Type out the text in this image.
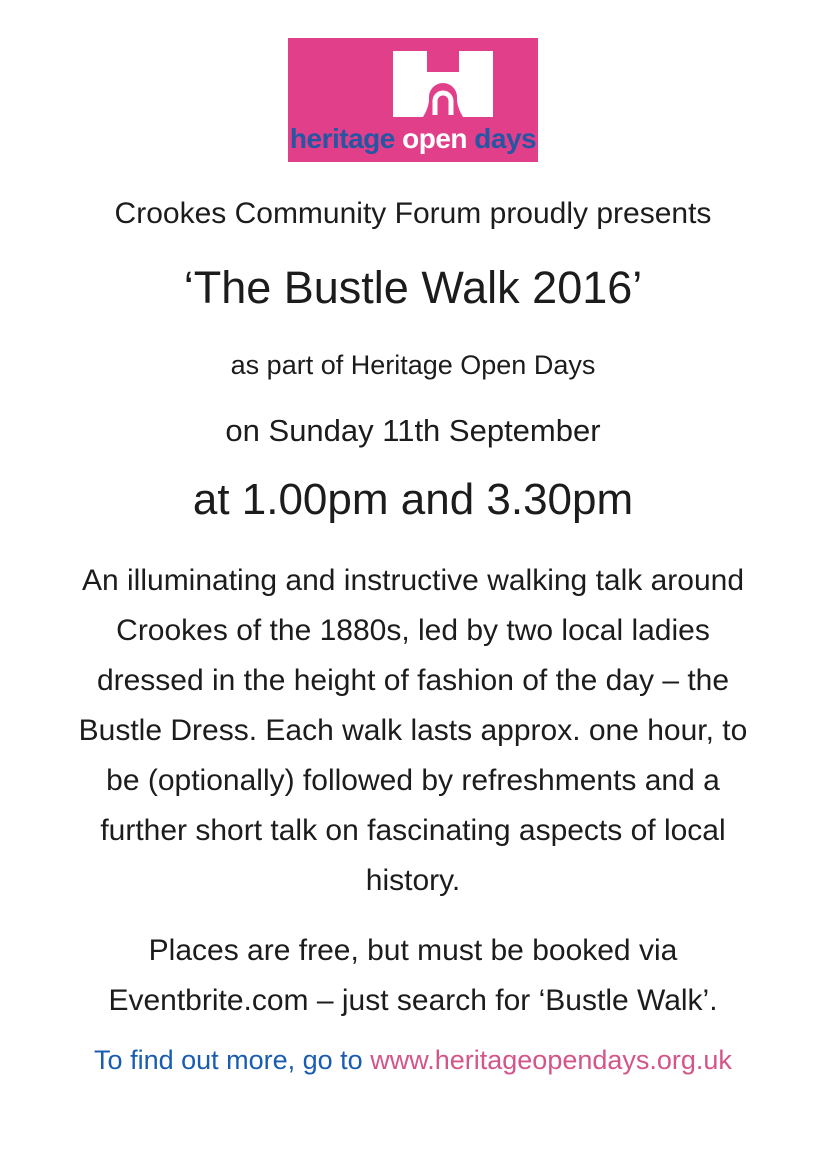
heritage open days
Crookes Community Forum proudly presents
‘The Bustle Walk 2016’
as part of Heritage Open Days
on Sunday 11th September
at 1.00pm and 3.30pm
An illuminating and instructive walking talk around
Crookes of the 1880s, led by two local ladies
dressed in the height of fashion of the day – the
Bustle Dress. Each walk lasts approx. one hour, to
be (optionally) followed by refreshments and a
further short talk on fascinating aspects of local
history.
Places are free, but must be booked via
Eventbrite.com – just search for ‘Bustle Walk’.
To find out more, go to www.heritageopendays.org.uk
